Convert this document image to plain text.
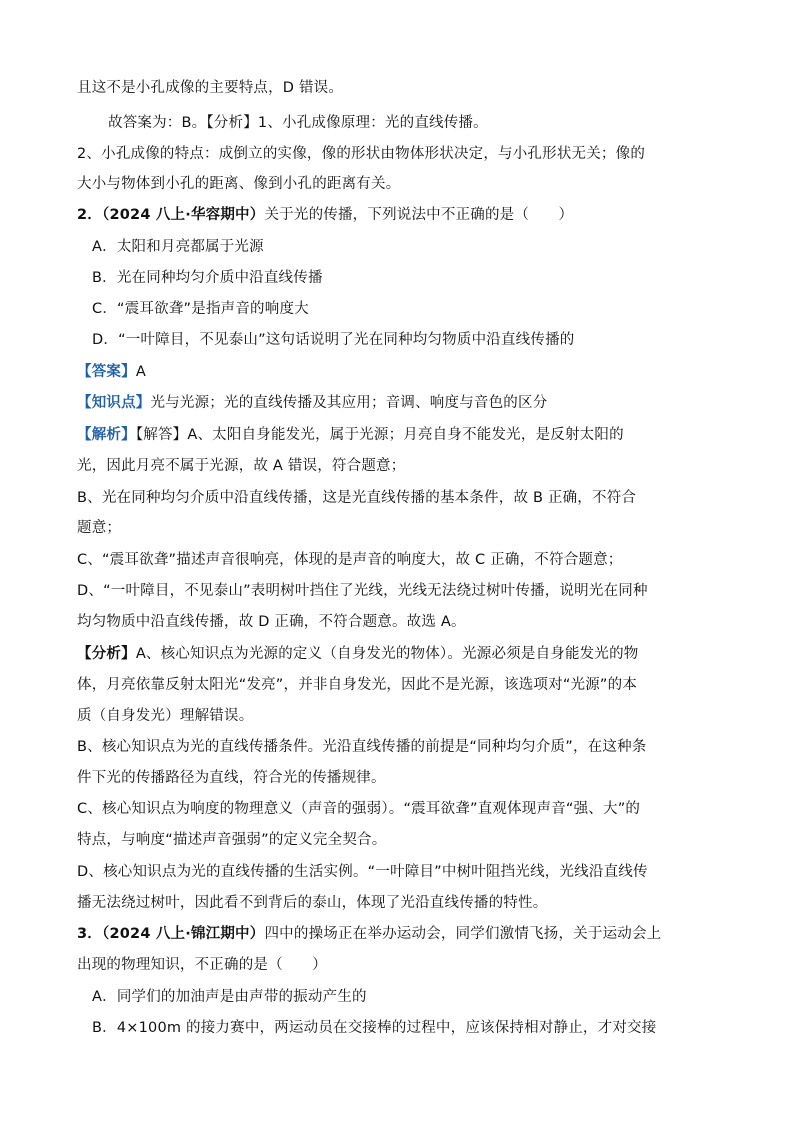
且这不是小孔成像的主要特点，D 错误。
故答案为：B。【分析】1、小孔成像原理：光的直线传播。
2、小孔成像的特点：成倒立的实像，像的形状由物体形状决定，与小孔形状无关；像的
大小与物体到小孔的距离、像到小孔的距离有关。
2．（2024 八上·华容期中）关于光的传播，下列说法中不正确的是（　　）
A．太阳和月亮都属于光源
B．光在同种均匀介质中沿直线传播
C．“震耳欲聋”是指声音的响度大
D．“一叶障目，不见泰山”这句话说明了光在同种均匀物质中沿直线传播的
【答案】A
【知识点】光与光源；光的直线传播及其应用；音调、响度与音色的区分
【解析】【解答】A、太阳自身能发光，属于光源；月亮自身不能发光，是反射太阳的
光，因此月亮不属于光源，故 A 错误，符合题意；
B、光在同种均匀介质中沿直线传播，这是光直线传播的基本条件，故 B 正确，不符合
题意；
C、“震耳欲聋”描述声音很响亮，体现的是声音的响度大，故 C 正确，不符合题意；
D、“一叶障目，不见泰山”表明树叶挡住了光线，光线无法绕过树叶传播，说明光在同种
均匀物质中沿直线传播，故 D 正确，不符合题意。故选 A。
【分析】A、核心知识点为光源的定义（自身发光的物体）。光源必须是自身能发光的物
体，月亮依靠反射太阳光“发亮”，并非自身发光，因此不是光源，该选项对“光源”的本
质（自身发光）理解错误。
B、核心知识点为光的直线传播条件。光沿直线传播的前提是“同种均匀介质”，在这种条
件下光的传播路径为直线，符合光的传播规律。
C、核心知识点为响度的物理意义（声音的强弱）。“震耳欲聋”直观体现声音“强、大”的
特点，与响度“描述声音强弱”的定义完全契合。
D、核心知识点为光的直线传播的生活实例。“一叶障目”中树叶阻挡光线，光线沿直线传
播无法绕过树叶，因此看不到背后的泰山，体现了光沿直线传播的特性。
3．（2024 八上·锦江期中）四中的操场正在举办运动会，同学们激情飞扬，关于运动会上
出现的物理知识，不正确的是（　　）
A．同学们的加油声是由声带的振动产生的
B．4×100m 的接力赛中，两运动员在交接棒的过程中，应该保持相对静止，才对交接
